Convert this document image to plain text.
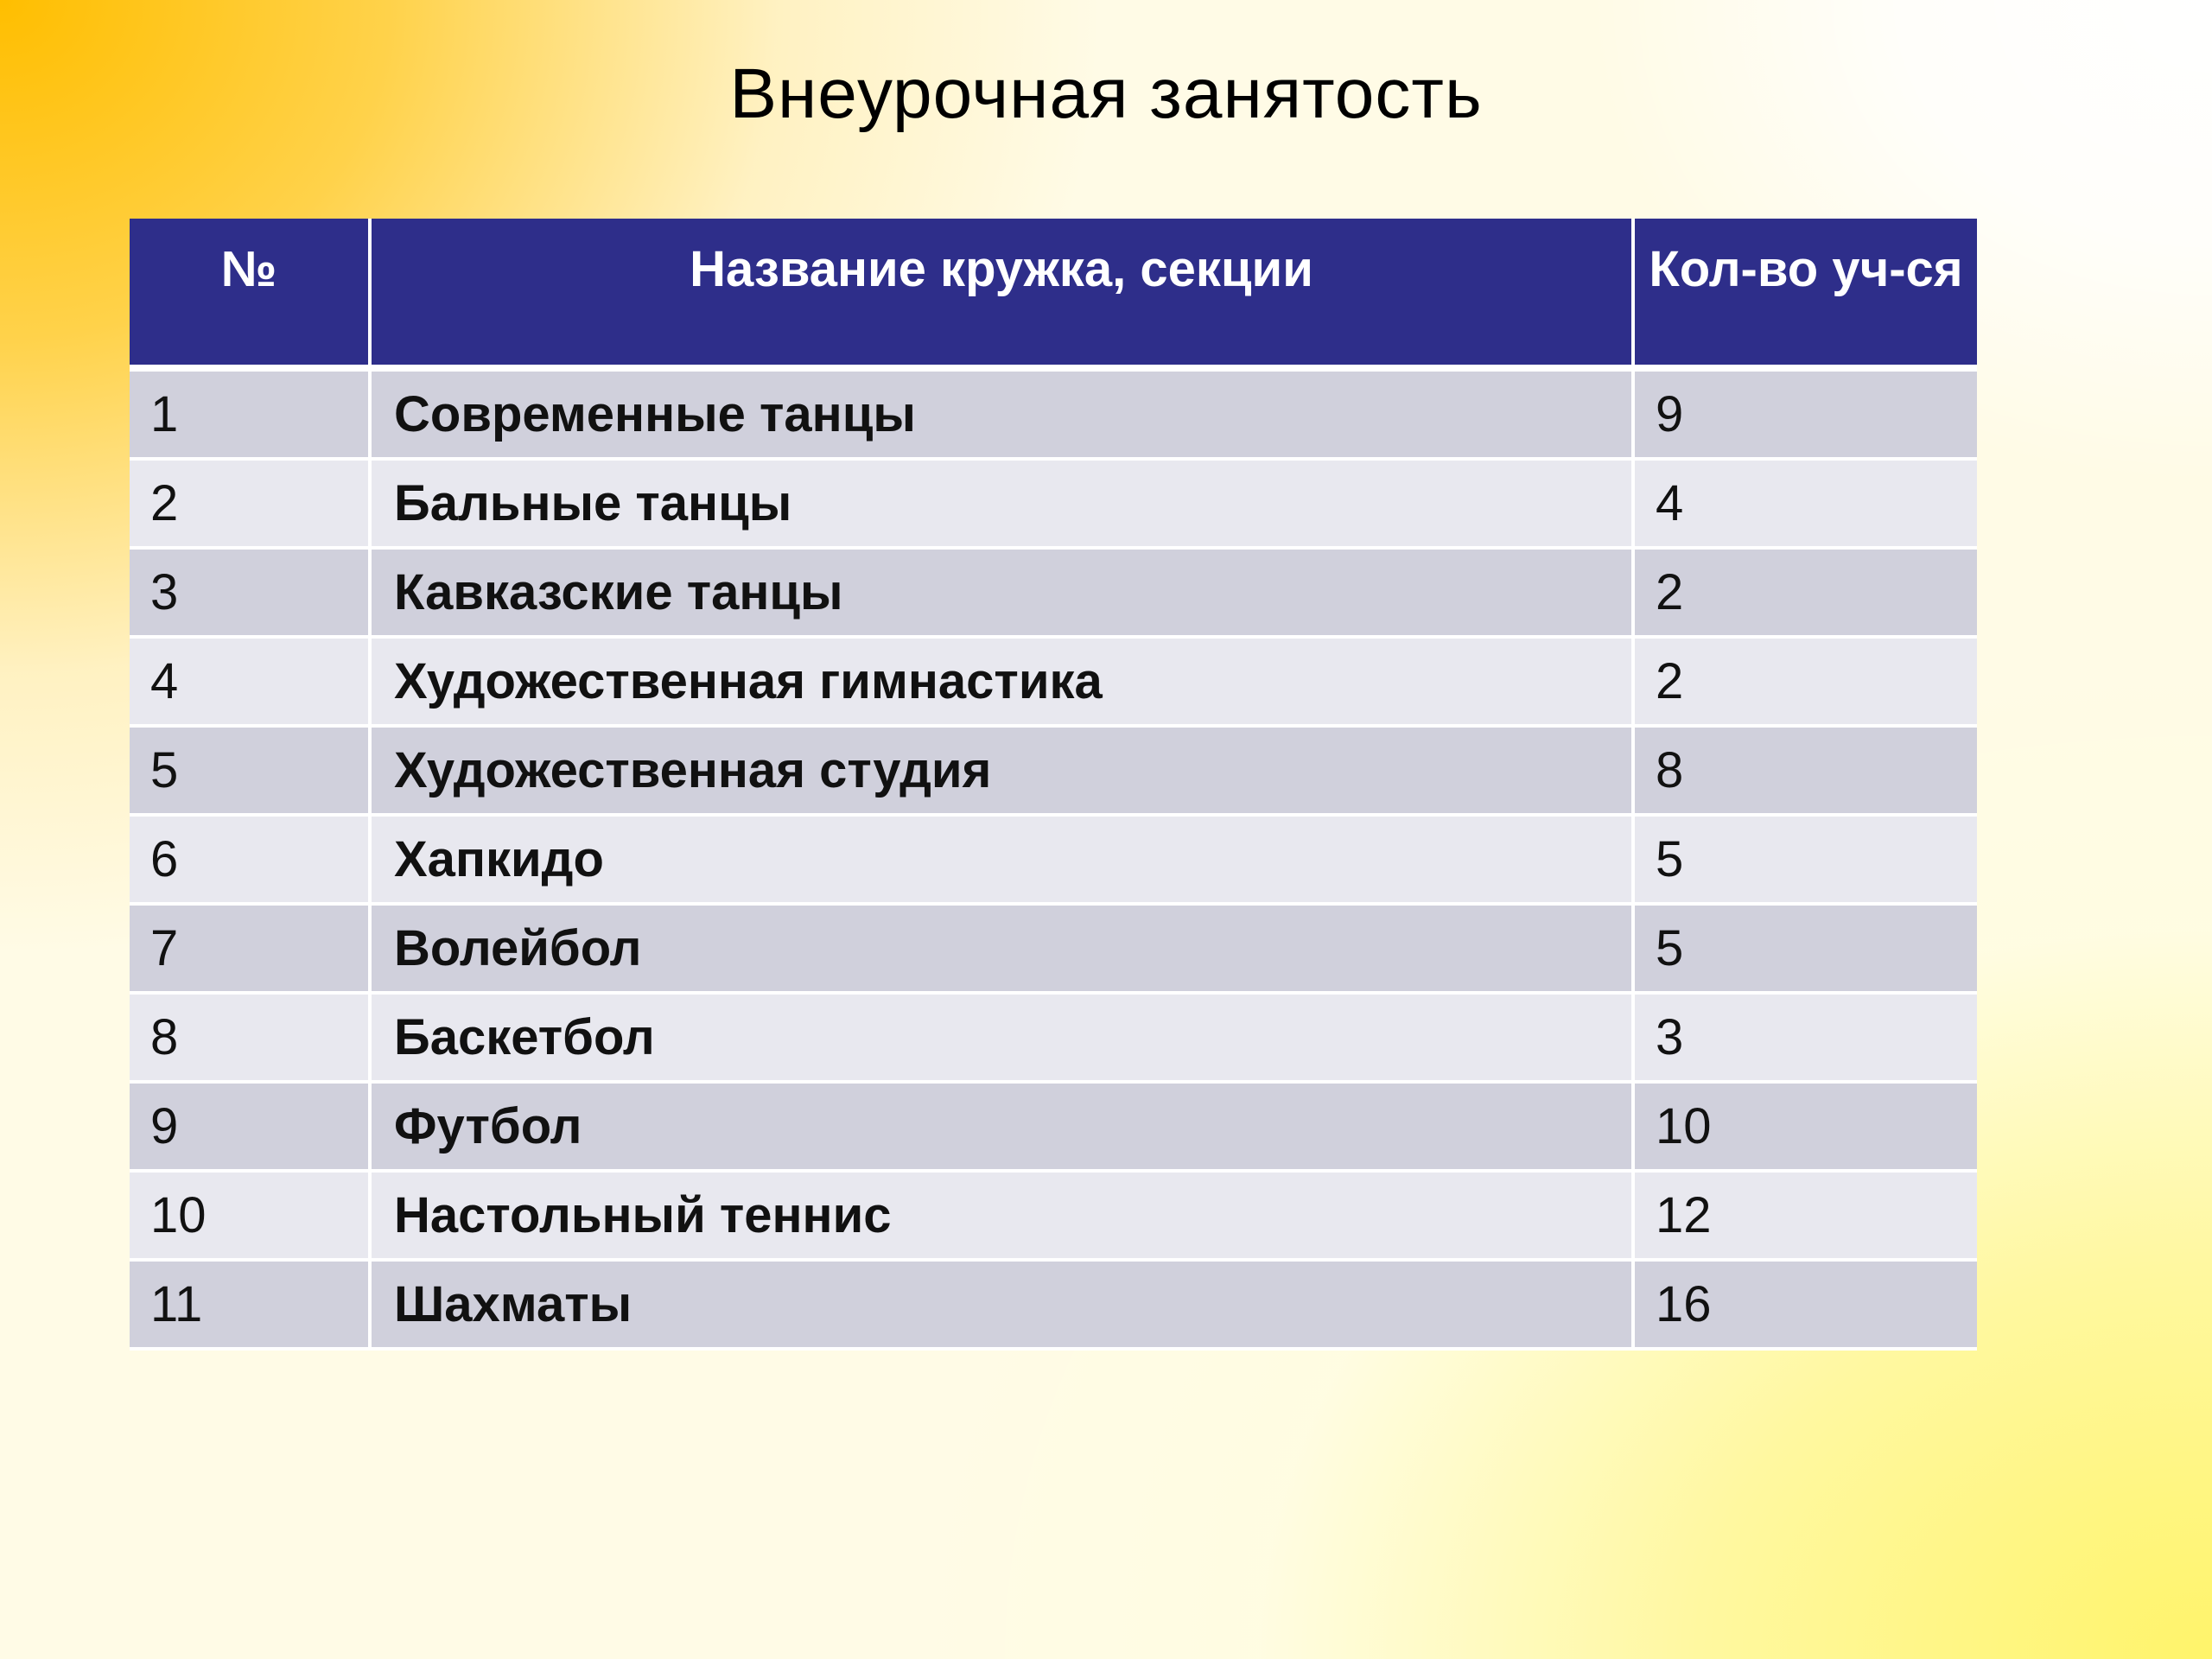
Внеурочная занятость
№	Название кружка, секции	Кол-во уч-ся
1	Современные танцы	9
2	Бальные танцы	4
3	Кавказские танцы	2
4	Художественная гимнастика	2
5	Художественная студия	8
6	Хапкидо	5
7	Волейбол	5
8	Баскетбол	3
9	Футбол	10
10	Настольный теннис	12
11	Шахматы	16
